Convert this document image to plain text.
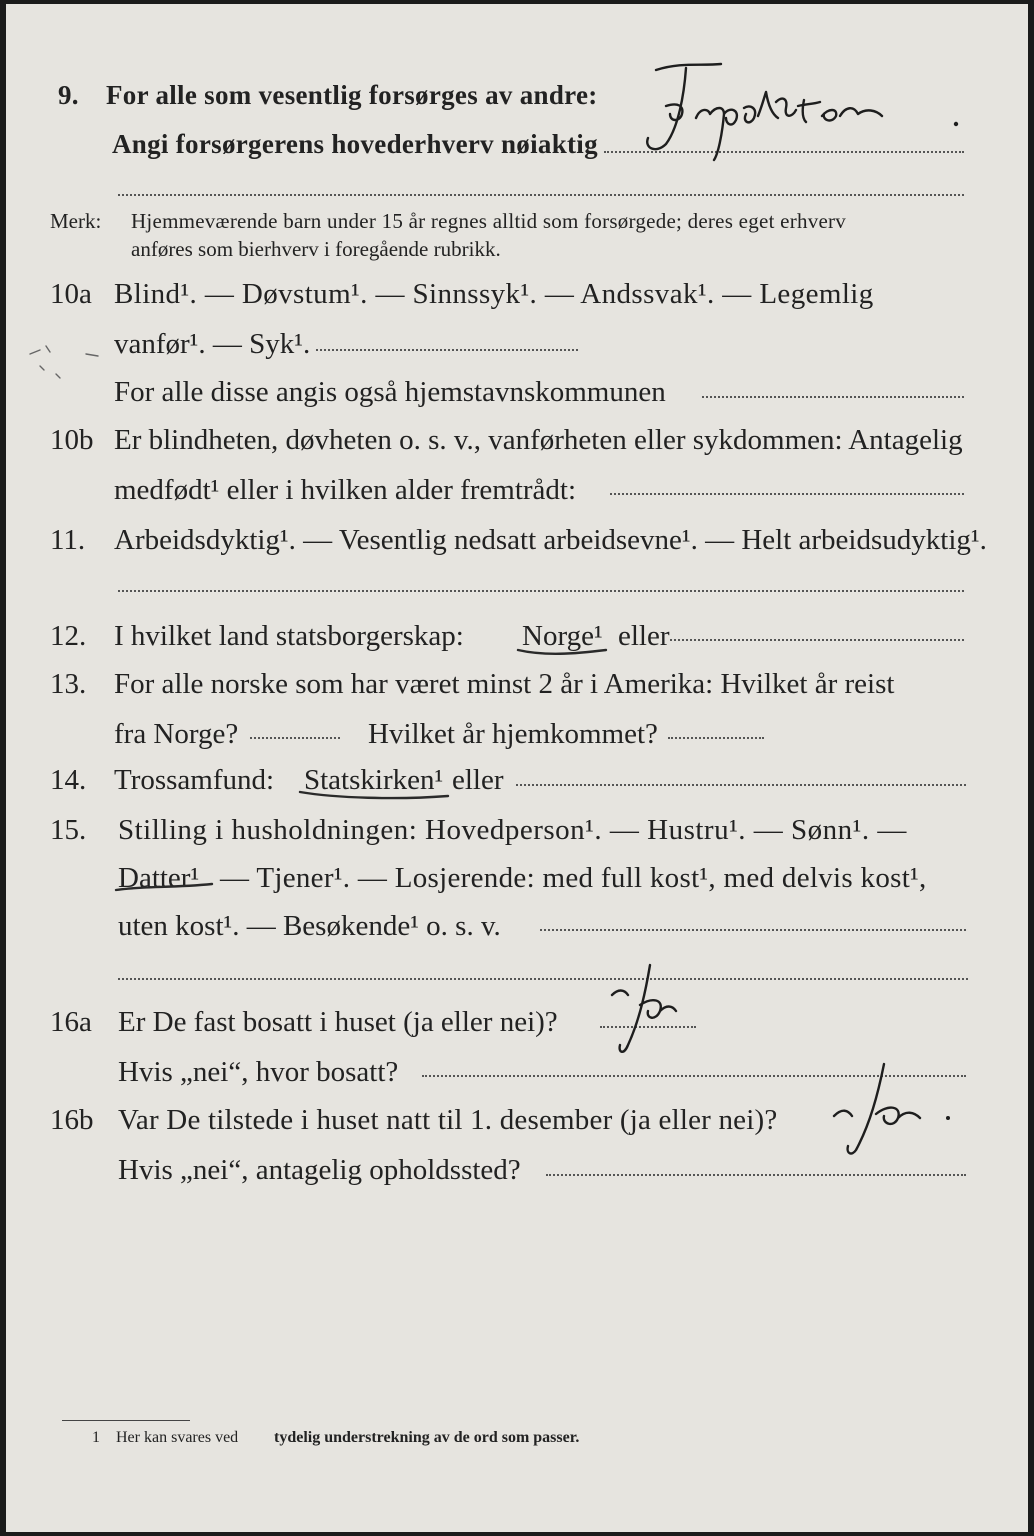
9. For alle som vesentlig forsørges av andre:
Angi forsørgerens hovederhverv nøiaktig
Merk: Hjemmeværende barn under 15 år regnes alltid som forsørgede; deres eget erhverv
anføres som bierhverv i foregående rubrikk.
10a Blind¹. — Døvstum¹. — Sinnssyk¹. — Andssvak¹. — Legemlig
vanfør¹. — Syk¹.
For alle disse angis også hjemstavnskommunen
10b Er blindheten, døvheten o. s. v., vanførheten eller sykdommen: Antagelig
medfødt¹ eller i hvilken alder fremtrådt:
11. Arbeidsdyktig¹. — Vesentlig nedsatt arbeidsevne¹. — Helt arbeidsudyktig¹.
12. I hvilket land statsborgerskap: Norge¹ eller
13. For alle norske som har været minst 2 år i Amerika: Hvilket år reist
fra Norge?	Hvilket år hjemkommet?
14. Trossamfund: Statskirken¹ eller
15. Stilling i husholdningen: Hovedperson¹. — Hustru¹. — Sønn¹. —
Datter¹ — Tjener¹. — Losjerende: med full kost¹, med delvis kost¹,
uten kost¹. — Besøkende¹ o. s. v.
16a Er De fast bosatt i huset (ja eller nei)?
Hvis „nei“, hvor bosatt?
16b Var De tilstede i huset natt til 1. desember (ja eller nei)?
Hvis „nei“, antagelig opholdssted?
1 Her kan svares ved tydelig understrekning av de ord som passer.
